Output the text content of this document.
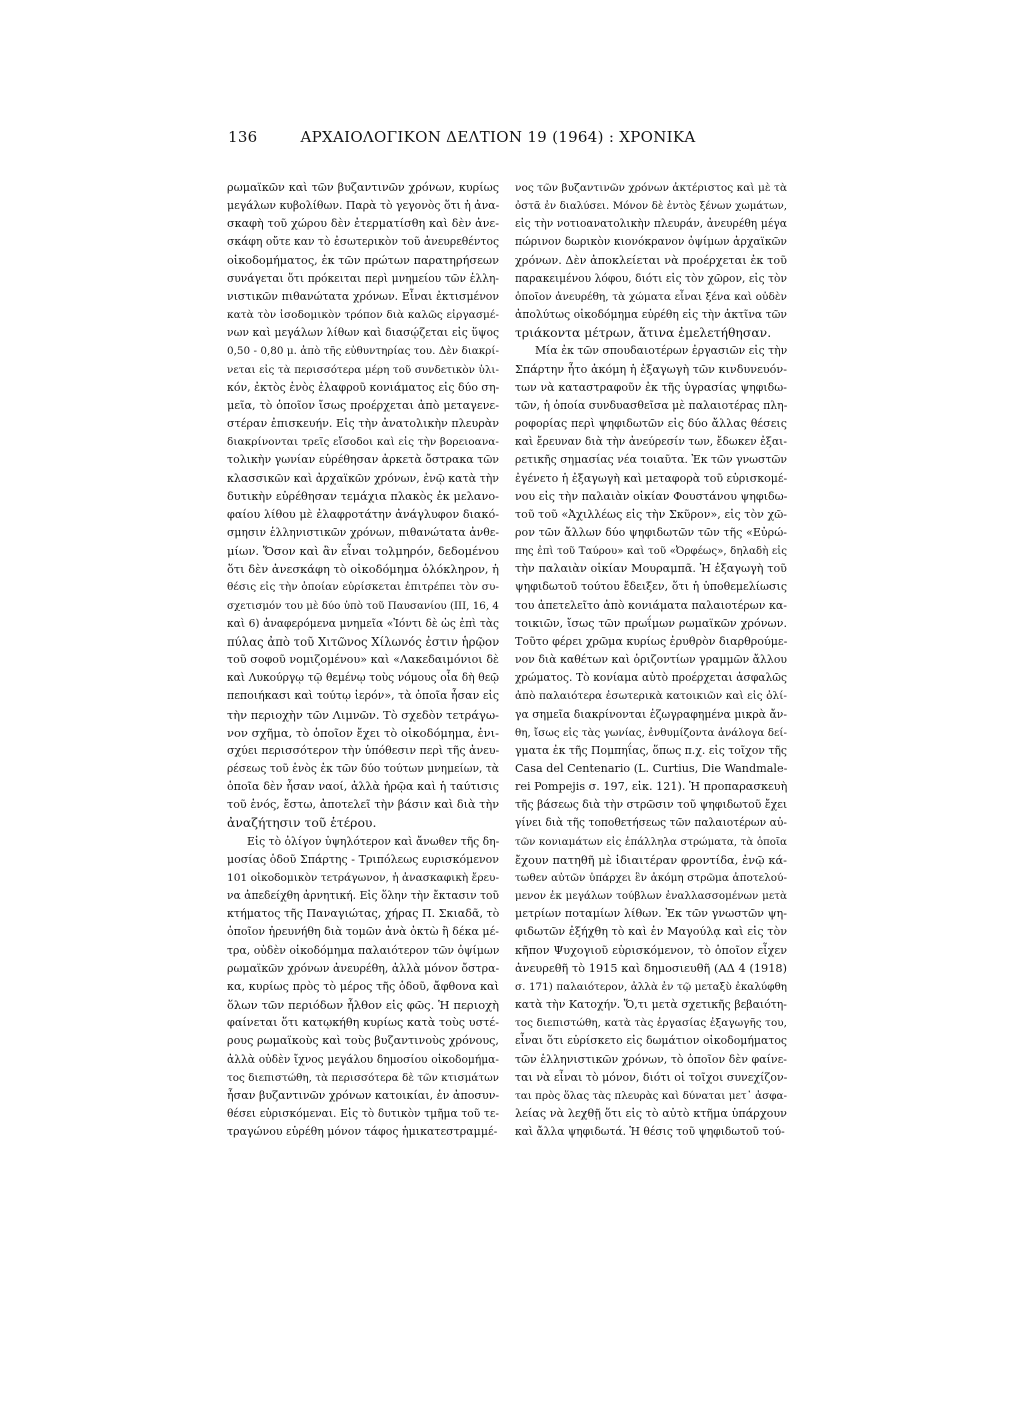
136	ΑΡΧΑΙΟΛΟΓΙΚΟΝ ΔΕΛΤΙΟΝ 19 (1964) : ΧΡΟΝΙΚΑ

ρωμαϊκῶν καὶ τῶν βυζαντινῶν χρόνων, κυρίως
μεγάλων κυβολίθων. Παρὰ τὸ γεγονὸς ὅτι ἡ ἀνα-
σκαφὴ τοῦ χώρου δὲν ἐτερματίσθη καὶ δὲν ἀνε-
σκάφη οὔτε καν τὸ ἐσωτερικὸν τοῦ ἀνευρεθέντος
οἰκοδομήματος, ἐκ τῶν πρώτων παρατηρήσεων
συνάγεται ὅτι πρόκειται περὶ μνημείου τῶν ἑλλη-
νιστικῶν πιθανώτατα χρόνων. Εἶναι ἐκτισμένον
κατὰ τὸν ἰσοδομικὸν τρόπον διὰ καλῶς εἰργασμέ-
νων καὶ μεγάλων λίθων καὶ διασῴζεται εἰς ὕψος
0,50 - 0,80 μ. ἀπὸ τῆς εὐθυντηρίας του. Δὲν διακρί-
νεται εἰς τὰ περισσότερα μέρη τοῦ συνδετικὸν ὑλι-
κόν, ἐκτὸς ἑνὸς ἐλαφροῦ κονιάματος εἰς δύο ση-
μεῖα, τὸ ὁποῖον ἴσως προέρχεται ἀπὸ μεταγενε-
στέραν ἐπισκευήν. Εἰς τὴν ἀνατολικὴν πλευρὰν
διακρίνονται τρεῖς εἴσοδοι καὶ εἰς τὴν βορειοανα-
τολικὴν γωνίαν εὑρέθησαν ἀρκετὰ ὄστρακα τῶν
κλασσικῶν καὶ ἀρχαϊκῶν χρόνων, ἐνῷ κατὰ τὴν
δυτικὴν εὑρέθησαν τεμάχια πλακὸς ἐκ μελανο-
φαίου λίθου μὲ ἐλαφροτάτην ἀνάγλυφον διακό-
σμησιν ἑλληνιστικῶν χρόνων, πιθανώτατα ἀνθε-
μίων. Ὅσον καὶ ἂν εἶναι τολμηρόν, δεδομένου
ὅτι δὲν ἀνεσκάφη τὸ οἰκοδόμημα ὁλόκληρον, ἡ
θέσις εἰς τὴν ὁποίαν εὑρίσκεται ἐπιτρέπει τὸν συ-
σχετισμόν του μὲ δύο ὑπὸ τοῦ Παυσανίου (III, 16, 4
καὶ 6) ἀναφερόμενα μνημεῖα «Ἰόντι δὲ ὡς ἐπὶ τὰς
πύλας ἀπὸ τοῦ Χιτῶνος Χίλωνός ἐστιν ἡρῷον
τοῦ σοφοῦ νομιζομένου» καὶ «Λακεδαιμόνιοι δὲ
καὶ Λυκούργῳ τῷ θεμένῳ τοὺς νόμους οἷα δὴ θεῷ
πεποιήκασι καὶ τούτῳ ἱερόν», τὰ ὁποῖα ἦσαν εἰς
τὴν περιοχὴν τῶν Λιμνῶν. Τὸ σχεδὸν τετράγω-
νον σχῆμα, τὸ ὁποῖον ἔχει τὸ οἰκοδόμημα, ἐνι-
σχύει περισσότερον τὴν ὑπόθεσιν περὶ τῆς ἀνευ-
ρέσεως τοῦ ἑνὸς ἐκ τῶν δύο τούτων μνημείων, τὰ
ὁποῖα δὲν ἦσαν ναοί, ἀλλὰ ἡρῷα καὶ ἡ ταύτισις
τοῦ ἑνός, ἔστω, ἀποτελεῖ τὴν βάσιν καὶ διὰ τὴν
ἀναζήτησιν τοῦ ἑτέρου.

Εἰς τὸ ὀλίγον ὑψηλότερον καὶ ἄνωθεν τῆς δη-
μοσίας ὁδοῦ Σπάρτης - Τριπόλεως ευρισκόμενον
101 οἰκοδομικὸν τετράγωνον, ἡ ἀνασκαφικὴ ἔρευ-
να ἀπεδείχθη ἀρνητική. Εἰς ὅλην τὴν ἔκτασιν τοῦ
κτήματος τῆς Παναγιώτας, χήρας Π. Σκιαδᾶ, τὸ
ὁποῖον ἠρευνήθη διὰ τομῶν ἀνὰ ὀκτὼ ἢ δέκα μέ-
τρα, οὐδὲν οἰκοδόμημα παλαιότερον τῶν ὀψίμων
ρωμαϊκῶν χρόνων ἀνευρέθη, ἀλλὰ μόνον ὄστρα-
κα, κυρίως πρὸς τὸ μέρος τῆς ὁδοῦ, ἄφθονα καὶ
ὅλων τῶν περιόδων ἦλθον εἰς φῶς. Ἡ περιοχὴ
φαίνεται ὅτι κατῳκήθη κυρίως κατὰ τοὺς υστέ-
ρους ρωμαϊκοὺς καὶ τοὺς βυζαντινοὺς χρόνους,
ἀλλὰ οὐδὲν ἴχνος μεγάλου δημοσίου οἰκοδομήμα-
τος διεπιστώθη, τὰ περισσότερα δὲ τῶν κτισμάτων
ἦσαν βυζαντινῶν χρόνων κατοικίαι, ἐν ἀποσυν-
θέσει εὑρισκόμεναι. Εἰς τὸ δυτικὸν τμῆμα τοῦ τε-
τραγώνου εὑρέθη μόνον τάφος ἡμικατεστραμμέ-

νος τῶν βυζαντινῶν χρόνων ἀκτέριστος καὶ μὲ τὰ
ὀστᾶ ἐν διαλύσει. Μόνον δὲ ἐντὸς ξένων χωμάτων,
εἰς τὴν νοτιοανατολικὴν πλευράν, ἀνευρέθη μέγα
πώρινον δωρικὸν κιονόκρανον ὀψίμων ἀρχαϊκῶν
χρόνων. Δὲν ἀποκλείεται νὰ προέρχεται ἐκ τοῦ
παρακειμένου λόφου, διότι εἰς τὸν χῶρον, εἰς τὸν
ὁποῖον ἀνευρέθη, τὰ χώματα εἶναι ξένα καὶ οὐδὲν
ἀπολύτως οἰκοδόμημα εὑρέθη εἰς τὴν ἀκτῖνα τῶν
τριάκοντα μέτρων, ἅτινα ἐμελετήθησαν.

Μία ἐκ τῶν σπουδαιοτέρων ἐργασιῶν εἰς τὴν
Σπάρτην ἦτο ἀκόμη ἡ ἐξαγωγὴ τῶν κινδυνευόν-
των νὰ καταστραφοῦν ἐκ τῆς ὑγρασίας ψηφιδω-
τῶν, ἡ ὁποία συνδυασθεῖσα μὲ παλαιοτέρας πλη-
ροφορίας περὶ ψηφιδωτῶν εἰς δύο ἄλλας θέσεις
καὶ ἔρευναν διὰ τὴν ἀνεύρεσίν των, ἔδωκεν ἐξαι-
ρετικῆς σημασίας νέα τοιαῦτα. Ἐκ τῶν γνωστῶν
ἐγένετο ἡ ἐξαγωγὴ καὶ μεταφορὰ τοῦ εὑρισκομέ-
νου εἰς τὴν παλαιὰν οἰκίαν Φουστάνου ψηφιδω-
τοῦ τοῦ «Ἀχιλλέως εἰς τὴν Σκῦρον», εἰς τὸν χῶ-
ρον τῶν ἄλλων δύο ψηφιδωτῶν τῶν τῆς «Εὐρώ-
πης ἐπὶ τοῦ Ταύρου» καὶ τοῦ «Ὀρφέως», δηλαδὴ εἰς
τὴν παλαιὰν οἰκίαν Μουραμπᾶ. Ἡ ἐξαγωγὴ τοῦ
ψηφιδωτοῦ τούτου ἔδειξεν, ὅτι ἡ ὑποθεμελίωσις
του ἀπετελεῖτο ἀπὸ κονιάματα παλαιοτέρων κα-
τοικιῶν, ἴσως τῶν πρωΐμων ρωμαϊκῶν χρόνων.
Τοῦτο φέρει χρῶμα κυρίως ἐρυθρὸν διαρθρούμε-
νον διὰ καθέτων καὶ ὁριζοντίων γραμμῶν ἄλλου
χρώματος. Τὸ κονίαμα αὐτὸ προέρχεται ἀσφαλῶς
ἀπὸ παλαιότερα ἐσωτερικὰ κατοικιῶν καὶ εἰς ὀλί-
γα σημεῖα διακρίνονται ἐζωγραφημένα μικρὰ ἄν-
θη, ἴσως εἰς τὰς γωνίας, ἐνθυμίζοντα ἀνάλογα δεί-
γματα ἐκ τῆς Πομπηΐας, ὅπως π.χ. εἰς τοῖχον τῆς
Casa del Centenario (L. Curtius, Die Wandmale-
rei Pompejis σ. 197, εἰκ. 121). Ἡ προπαρασκευὴ
τῆς βάσεως διὰ τὴν στρῶσιν τοῦ ψηφιδωτοῦ ἔχει
γίνει διὰ τῆς τοποθετήσεως τῶν παλαιοτέρων αὐ-
τῶν κονιαμάτων εἰς ἐπάλληλα στρώματα, τὰ ὁποῖα
ἔχουν πατηθῆ μὲ ἰδιαιτέραν φροντίδα, ἐνῷ κά-
τωθεν αὐτῶν ὑπάρχει ἓν ἀκόμη στρῶμα ἀποτελού-
μενον ἐκ μεγάλων τούβλων ἐναλλασσομένων μετὰ
μετρίων ποταμίων λίθων. Ἐκ τῶν γνωστῶν ψη-
φιδωτῶν ἐξήχθη τὸ καὶ ἐν Μαγούλᾳ καὶ εἰς τὸν
κῆπον Ψυχογιοῦ εὑρισκόμενον, τὸ ὁποῖον εἶχεν
ἀνευρεθῆ τὸ 1915 καὶ δημοσιευθῆ (ΑΔ 4 (1918)
σ. 171) παλαιότερον, ἀλλὰ ἐν τῷ μεταξὺ ἐκαλύφθη
κατὰ τὴν Κατοχήν. Ὅ,τι μετὰ σχετικῆς βεβαιότη-
τος διεπιστώθη, κατὰ τὰς ἐργασίας ἐξαγωγῆς του,
εἶναι ὅτι εὑρίσκετο εἰς δωμάτιον οἰκοδομήματος
τῶν ἑλληνιστικῶν χρόνων, τὸ ὁποῖον δὲν φαίνε-
ται νὰ εἶναι τὸ μόνον, διότι οἱ τοῖχοι συνεχίζον-
ται πρὸς ὅλας τὰς πλευρὰς καὶ δύναται μετ᾽ ἀσφα-
λείας νὰ λεχθῇ ὅτι εἰς τὸ αὐτὸ κτῆμα ὑπάρχουν
καὶ ἄλλα ψηφιδωτά. Ἡ θέσις τοῦ ψηφιδωτοῦ τού-
